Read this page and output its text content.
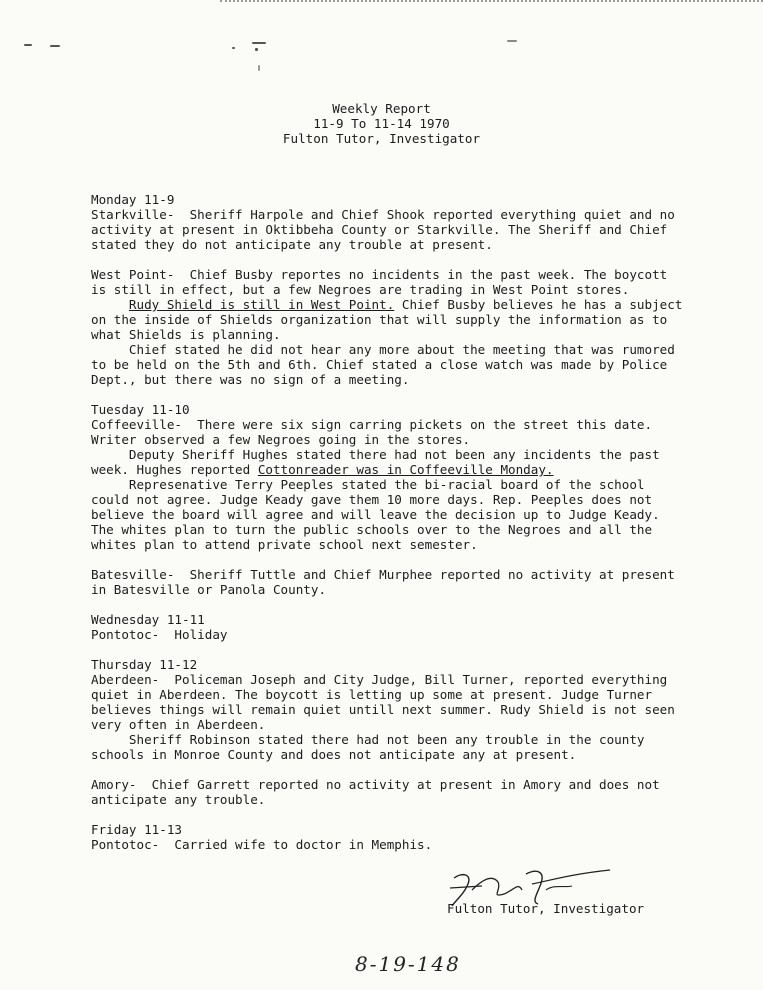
Weekly Report
11-9 To 11-14 1970
Fulton Tutor, Investigator
Monday 11-9
Starkville-  Sheriff Harpole and Chief Shook reported everything quiet and no
activity at present in Oktibbeha County or Starkville. The Sheriff and Chief
stated they do not anticipate any trouble at present.
West Point-  Chief Busby reportes no incidents in the past week. The boycott
is still in effect, but a few Negroes are trading in West Point stores.
Rudy Shield is still in West Point. Chief Busby believes he has a subject
on the inside of Shields organization that will supply the information as to
what Shields is planning.
Chief stated he did not hear any more about the meeting that was rumored
to be held on the 5th and 6th. Chief stated a close watch was made by Police
Dept., but there was no sign of a meeting.
Tuesday 11-10
Coffeeville-  There were six sign carring pickets on the street this date.
Writer observed a few Negroes going in the stores.
Deputy Sheriff Hughes stated there had not been any incidents the past
week. Hughes reported Cottonreader was in Coffeeville Monday.
Represenative Terry Peeples stated the bi-racial board of the school
could not agree. Judge Keady gave them 10 more days. Rep. Peeples does not
believe the board will agree and will leave the decision up to Judge Keady.
The whites plan to turn the public schools over to the Negroes and all the
whites plan to attend private school next semester.
Batesville-  Sheriff Tuttle and Chief Murphee reported no activity at present
in Batesville or Panola County.
Wednesday 11-11
Pontotoc-  Holiday
Thursday 11-12
Aberdeen-  Policeman Joseph and City Judge, Bill Turner, reported everything
quiet in Aberdeen. The boycott is letting up some at present. Judge Turner
believes things will remain quiet untill next summer. Rudy Shield is not seen
very often in Aberdeen.
Sheriff Robinson stated there had not been any trouble in the county
schools in Monroe County and does not anticipate any at present.
Amory-  Chief Garrett reported no activity at present in Amory and does not
anticipate any trouble.
Friday 11-13
Pontotoc-  Carried wife to doctor in Memphis.
Fulton Tutor, Investigator
8-19-148
